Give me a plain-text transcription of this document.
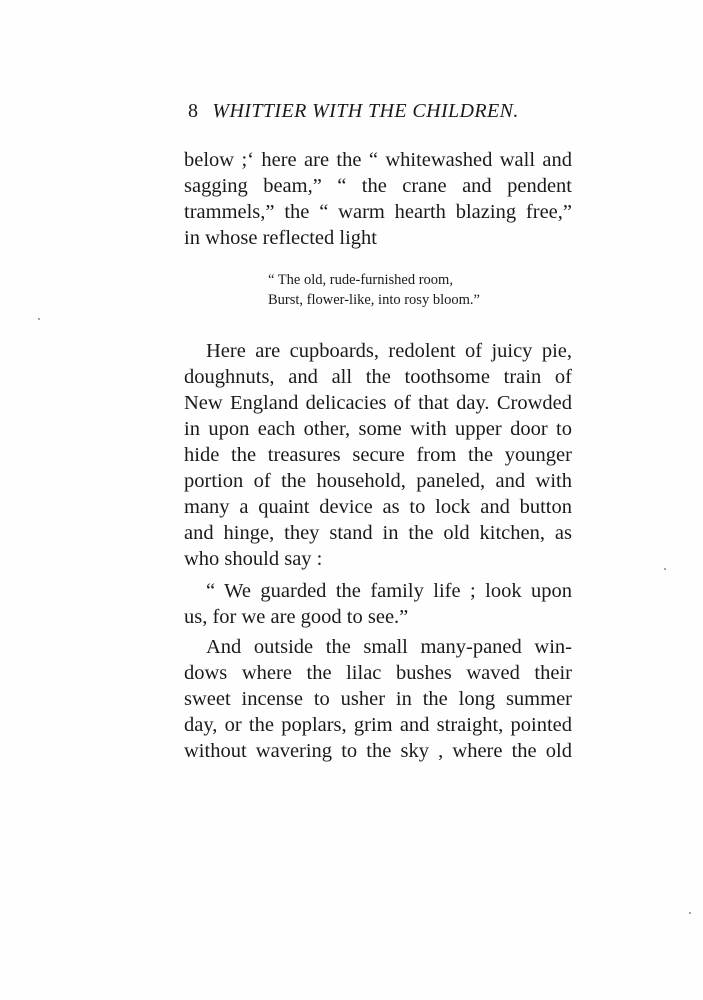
8 WHITTIER WITH THE CHILDREN.
below ;‘ here are the “ whitewashed wall and
sagging beam,” “ the crane and pendent
trammels,” the “ warm hearth blazing free,”
in whose reflected light
“ The old, rude-furnished room,
Burst, flower-like, into rosy bloom.”
Here are cupboards, redolent of juicy pie,
doughnuts, and all the toothsome train of
New England delicacies of that day. Crowded
in upon each other, some with upper door to
hide the treasures secure from the younger
portion of the household, paneled, and with
many a quaint device as to lock and button
and hinge, they stand in the old kitchen, as
who should say :
“ We guarded the family life ; look upon
us, for we are good to see.”
And outside the small many-paned win-
dows where the lilac bushes waved their
sweet incense to usher in the long summer
day, or the poplars, grim and straight, pointed
without wavering to the sky , where the old
